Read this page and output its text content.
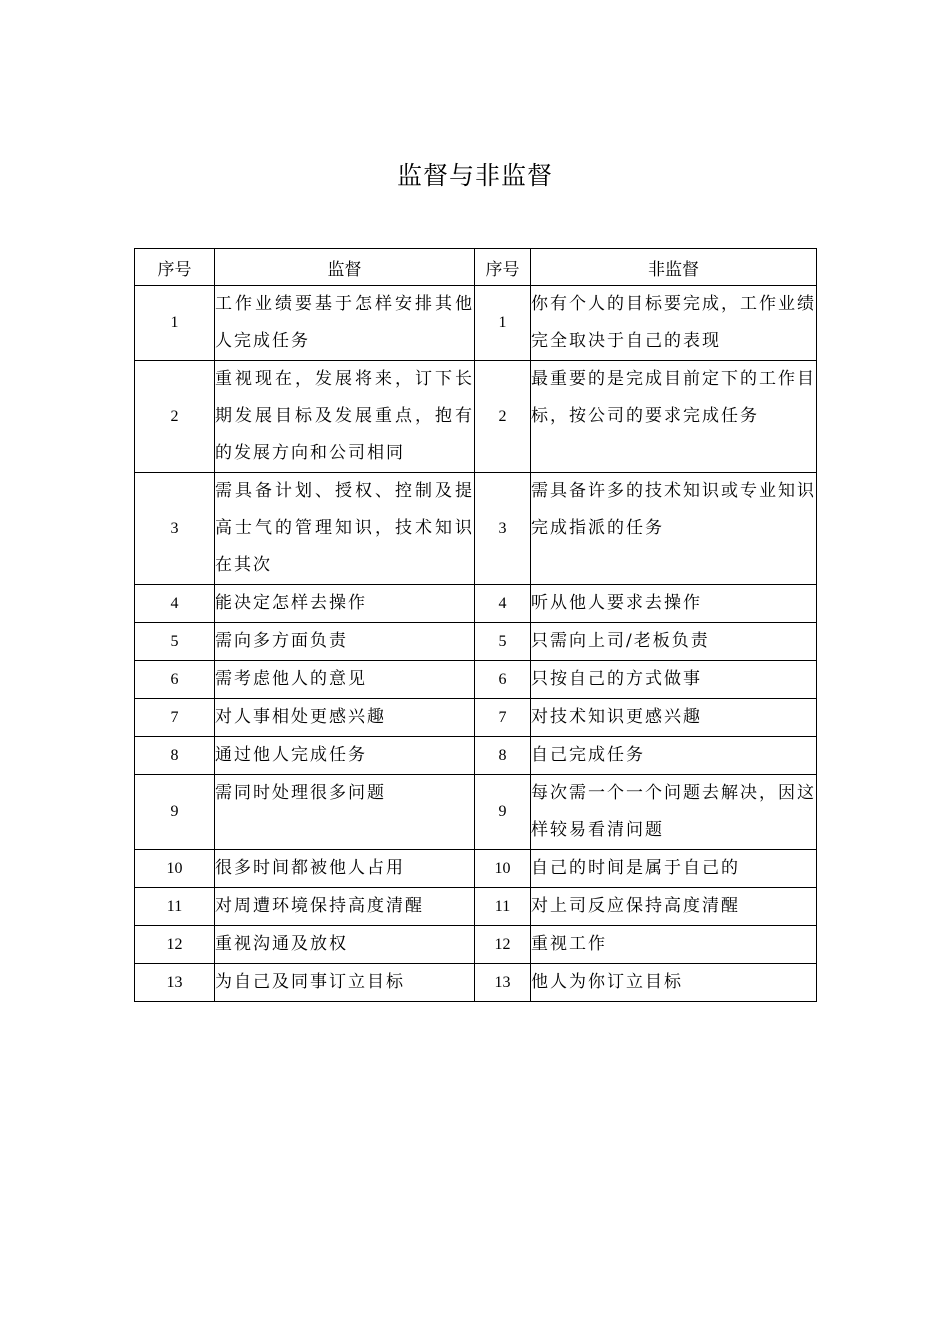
监督与非监督
序号	监督	序号	非监督
1	工作业绩要基于怎样安排其他人完成任务	1	你有个人的目标要完成，工作业绩完全取决于自己的表现
2	重视现在，发展将来，订下长期发展目标及发展重点，抱有的发展方向和公司相同	2	最重要的是完成目前定下的工作目标，按公司的要求完成任务
3	需具备计划、授权、控制及提高士气的管理知识，技术知识在其次	3	需具备许多的技术知识或专业知识完成指派的任务
4	能决定怎样去操作	4	听从他人要求去操作
5	需向多方面负责	5	只需向上司/老板负责
6	需考虑他人的意见	6	只按自己的方式做事
7	对人事相处更感兴趣	7	对技术知识更感兴趣
8	通过他人完成任务	8	自己完成任务
9	需同时处理很多问题	9	每次需一个一个问题去解决，因这样较易看清问题
10	很多时间都被他人占用	10	自己的时间是属于自己的
11	对周遭环境保持高度清醒	11	对上司反应保持高度清醒
12	重视沟通及放权	12	重视工作
13	为自己及同事订立目标	13	他人为你订立目标
